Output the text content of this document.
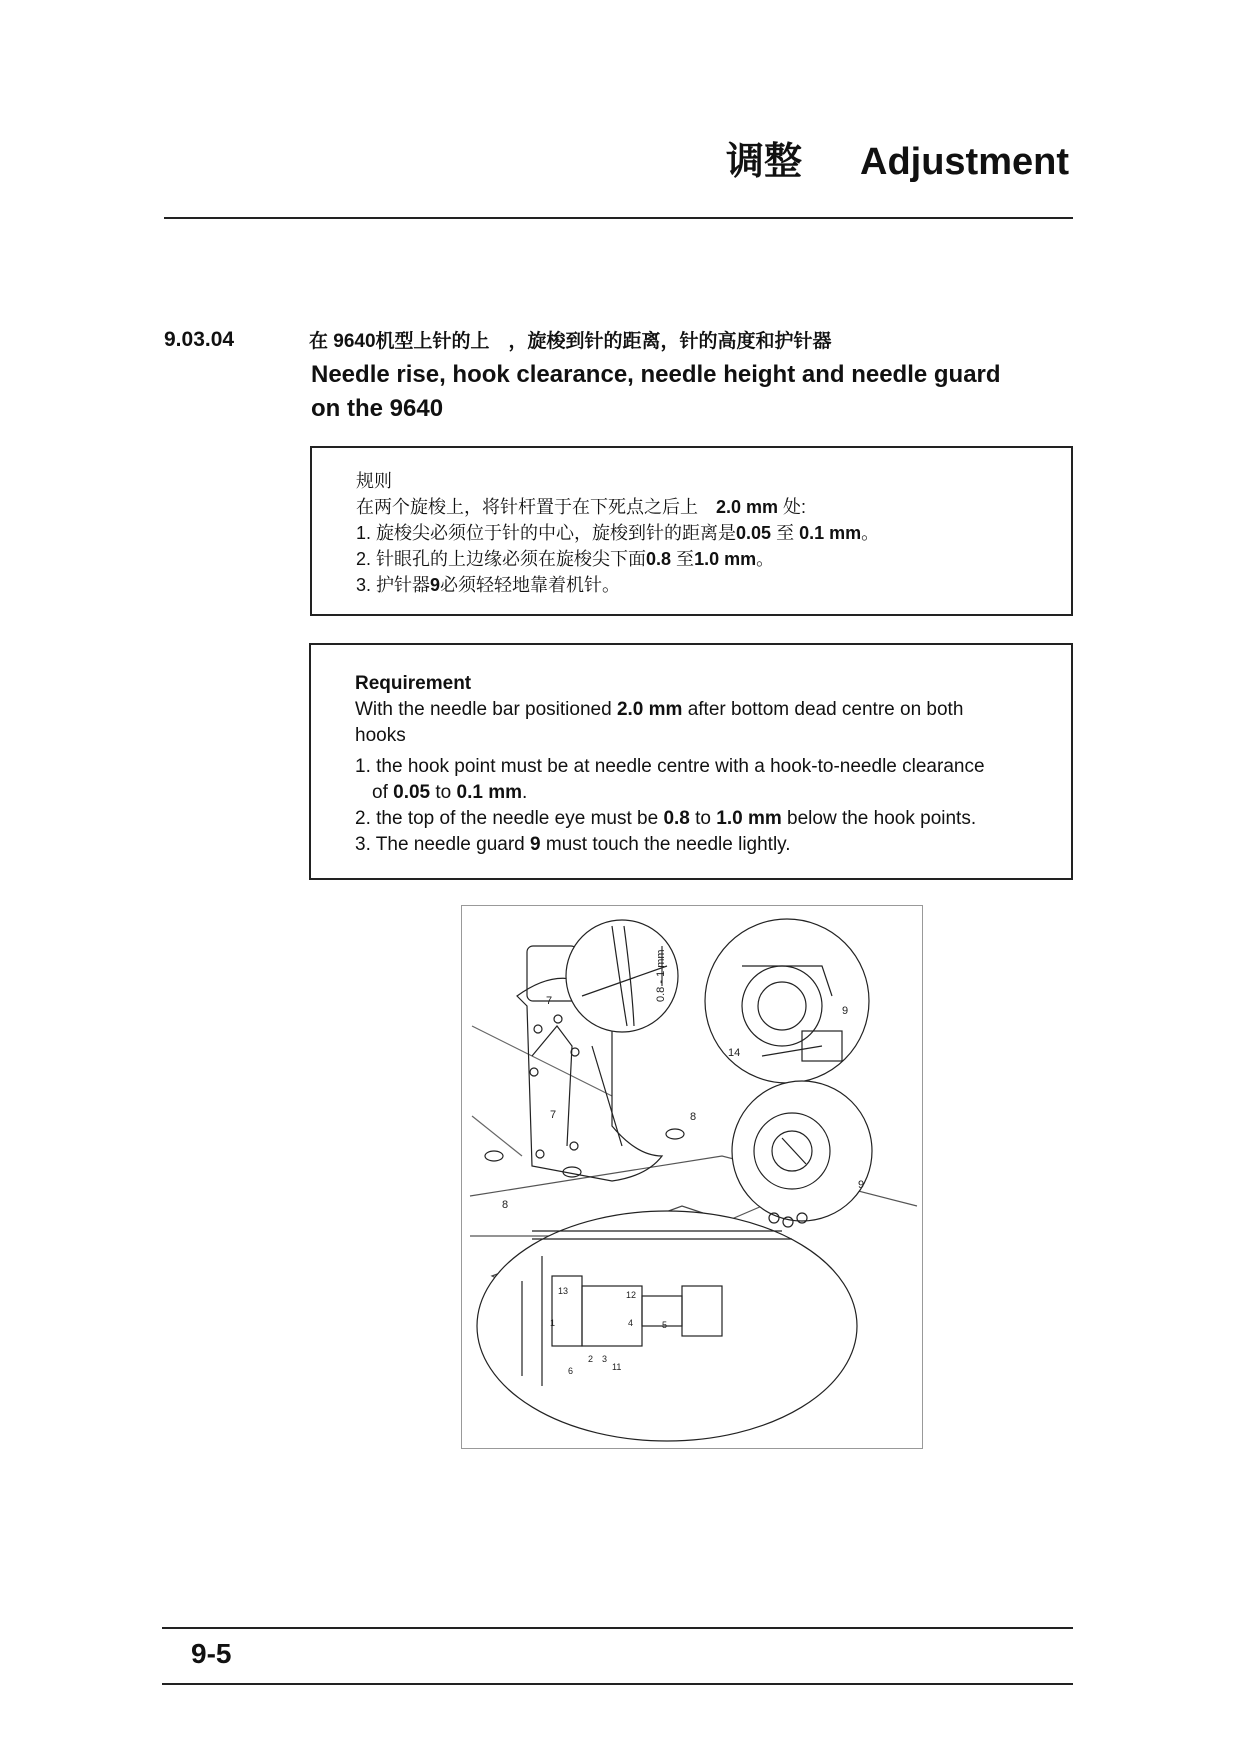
调整 Adjustment
9.03.04	在 9640机型上针的上　，旋梭到针的距离，针的高度和护针器
Needle rise, hook clearance, needle height and needle guard
on the 9640
规则
在两个旋梭上，将针杆置于在下死点之后上　 2.0 mm 处:
1. 旋梭尖必须位于针的中心，旋梭到针的距离是0.05 至 0.1 mm。
2. 针眼孔的上边缘必须在旋梭尖下面0.8 至1.0 mm。
3. 护针器9必须轻轻地靠着机针。
Requirement
With the needle bar positioned 2.0 mm after bottom dead centre on both
hooks
1. the hook point must be at needle centre with a hook-to-needle clearance
of 0.05 to 0.1 mm.
2. the top of the needle eye must be 0.8 to 1.0 mm below the hook points.
3. The needle guard 9 must touch the needle lightly.
0.8 - 1 mm
7
7	8
8
9
9
14
13	12
1	4	5
2 3
6	11
9-5
